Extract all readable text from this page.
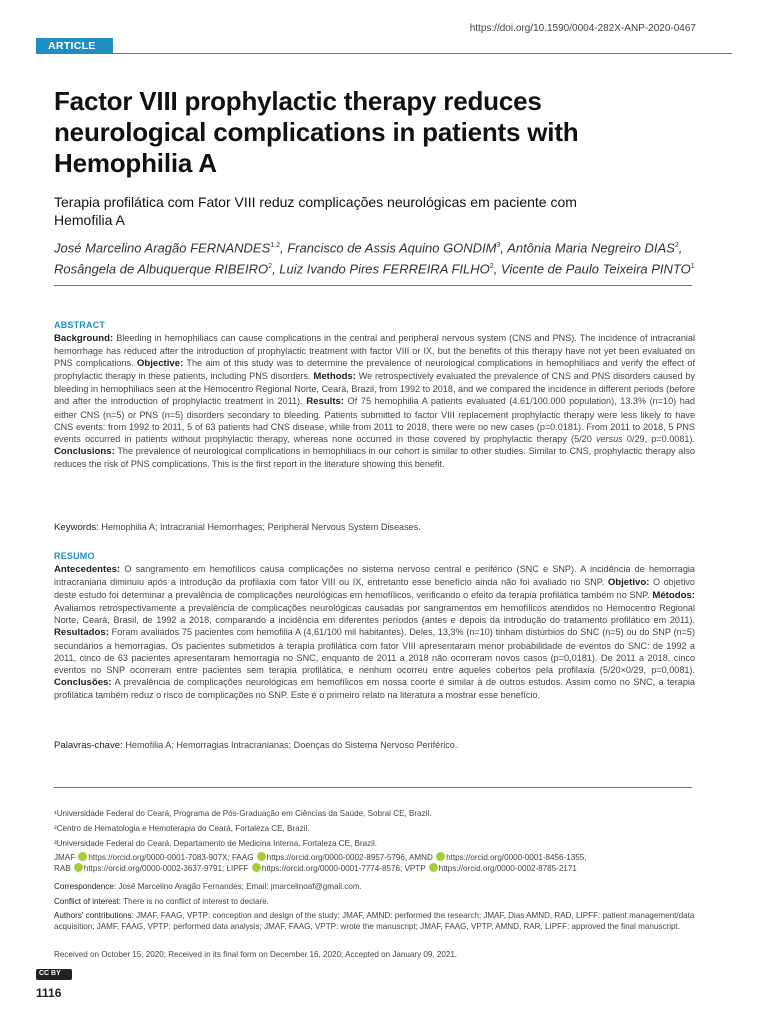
https://doi.org/10.1590/0004-282X-ANP-2020-0467
ARTICLE
Factor VIII prophylactic therapy reduces
neurological complications in patients with
Hemophilia A
Terapia profilática com Fator VIII reduz complicações neurológicas em paciente com
Hemofilia A
José Marcelino Aragão FERNANDES$^{1,2}$, Francisco de Assis Aquino GONDIM$^3$, Antônia Maria Negreiro DIAS$^2$,
Rosângela de Albuquerque RIBEIRO$^2$, Luiz Ivando Pires FERREIRA FILHO$^2$, Vicente de Paulo Teixeira PINTO$^1$
ABSTRACT

Background: Bleeding in hemophiliacs can cause complications in the central and peripheral nervous system (CNS and PNS). The incidence of intracranial hemorrhage has reduced after the introduction of prophylactic treatment with factor VIII or IX, but the benefits of this therapy have not yet been evaluated on PNS complications. Objective: The aim of this study was to determine the prevalence of neurological complications in hemophiliacs and verify the effect of prophylactic therapy in these patients, including PNS disorders. Methods: We retrospectively evaluated the prevalence of CNS and PNS disorders caused by bleeding in hemophiliacs seen at the Hemocentro Regional Norte, Ceará, Brazil, from 1992 to 2018, and we compared the incidence in different periods (before and after the introduction of prophylactic treatment in 2011). Results: Of 75 hemophilia A patients evaluated (4.61/100.000 population), 13.3% (n=10) had either CNS (n=5) or PNS (n=5) disorders secondary to bleeding. Patients submitted to factor VIII replacement prophylactic therapy were less likely to have CNS events: from 1992 to 2011, 5 of 63 patients had CNS disease, while from 2011 to 2018, there were no new cases (p=0.0181). From 2011 to 2018, 5 PNS events occurred in patients without prophylactic therapy, whereas none occurred in those covered by prophylactic therapy (5/20 versus 0/29, p=0.0081). Conclusions: The prevalence of neurological complications in hemophiliacs in our cohort is similar to other studies. Similar to CNS, prophylactic therapy also reduces the risk of PNS complications. This is the first report in the literature showing this benefit.

Keywords: Hemophilia A; Intracranial Hemorrhages; Peripheral Nervous System Diseases.

RESUMO

Antecedentes: O sangramento em hemofílicos causa complicações no sistema nervoso central e periférico (SNC e SNP). A incidência de hemorragia intracraniana diminuiu após a introdução da profilaxia com fator VIII ou IX, entretanto esse benefício ainda não foi avaliado no SNP. Objetivo: O objetivo deste estudo foi determinar a prevalência de complicações neurológicas em hemofílicos, verificando o efeito da terapia profilática também no SNP. Métodos: Avaliamos retrospectivamente a prevalência de complicações neurológicas causadas por sangramentos em hemofílicos atendidos no Hemocentro Regional Norte, Ceará, Brasil, de 1992 a 2018, comparando a incidência em diferentes períodos (antes e depois da introdução do tratamento profilático em 2011). Resultados: Foram avaliados 75 pacientes com hemofilia A (4,61/100 mil habitantes). Deles, 13,3% (n=10) tinham distúrbios do SNC (n=5) ou do SNP (n=5) secundários a hemorragias. Os pacientes submetidos à terapia profilática com fator VIII apresentaram menor probabilidade de eventos do SNC: de 1992 a 2011, cinco de 63 pacientes apresentaram hemorragia no SNC, enquanto de 2011 a 2018 não ocorreram novos casos (p=0,0181). De 2011 a 2018, cinco eventos no SNP ocorreram entre pacientes sem terapia profilática, e nenhum ocorreu entre aqueles cobertos pela profilaxia (5/20×0/29, p=0,0081). Conclusões: A prevalência de complicações neurológicas em hemofílicos em nossa coorte é similar à de outros estudos. Assim como no SNC, a terapia profilática também reduz o risco de complicações no SNP. Este é o primeiro relato na literatura a mostrar esse benefício.

Palavras-chave: Hemofilia A; Hemorragias Intracranianas; Doenças do Sistema Nervoso Periférico.

¹Universidade Federal do Ceará, Programa de Pós-Graduação em Ciências da Saúde, Sobral CE, Brazil.
²Centro de Hematologia e Hemoterapia do Ceará, Fortaleza CE, Brazil.
³Universidade Federal do Ceará, Departamento de Medicina Interna, Fortaleza CE, Brazil.
JMAF https://orcid.org/0000-0001-7083-907X; FAAG https://orcid.org/0000-0002-8957-5796; AMND https://orcid.org/0000-0001-8456-1355;
RAB https://orcid.org/0000-0002-3637-9791; LIPFF https://orcid.org/0000-0001-7774-8576; VPTP https://orcid.org/0000-0002-8785-2171
Correspondence: José Marcelino Aragão Fernandes; Email: jmarcelinoaf@gmail.com.
Conflict of interest: There is no conflict of interest to declare.
Authors' contributions: JMAF, FAAG, VPTP: conception and design of the study; JMAF, AMND: performed the research; JMAF, Dias AMND, RAD, LIPFF: patient management/data acquisition; JAMF, FAAG, VPTP: performed data analysis; JMAF, FAAG, VPTP: wrote the manuscript; JMAF, FAAG, VPTP, AMND, RAR, LIPFF: approved the final manuscript.
Received on October 15, 2020; Received in its final form on December 16, 2020; Accepted on January 09, 2021.
CC BY
1116
